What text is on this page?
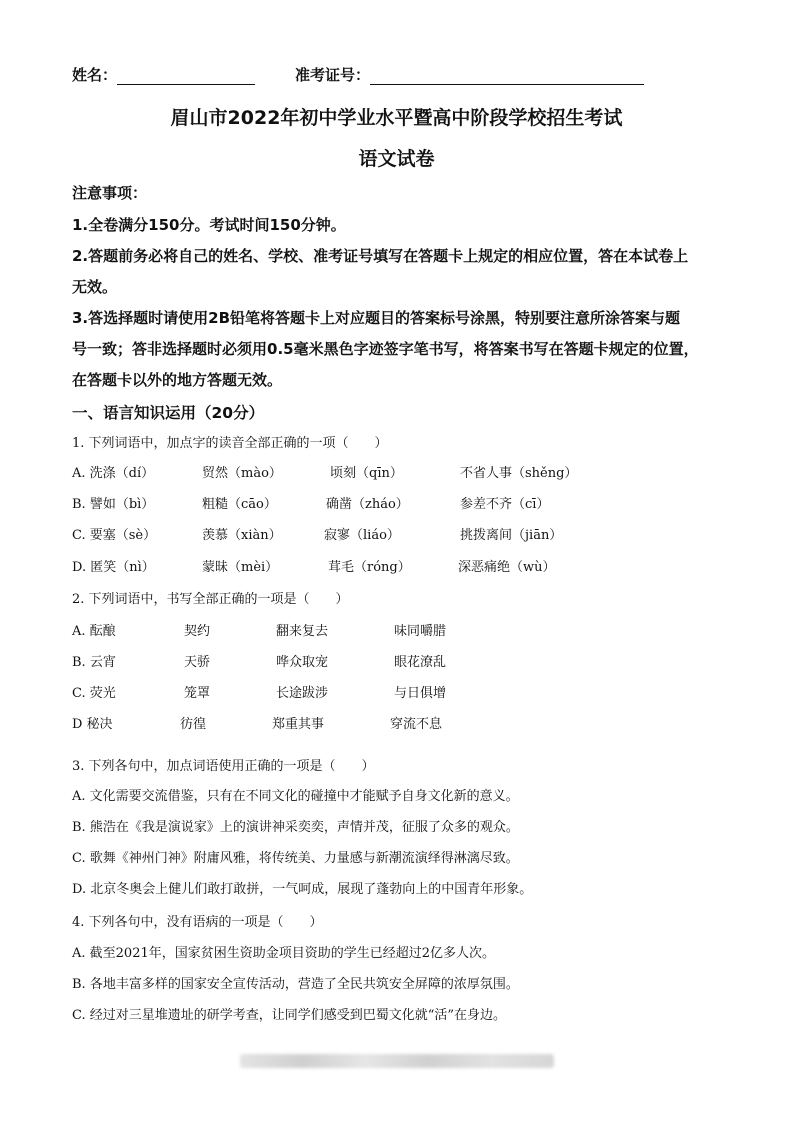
姓名：	准考证号：
眉山市2022年初中学业水平暨高中阶段学校招生考试
语文试卷
注意事项：
1.全卷满分150分。考试时间150分钟。
2.答题前务必将自己的姓名、学校、准考证号填写在答题卡上规定的相应位置，答在本试卷上
无效。
3.答选择题时请使用2B铅笔将答题卡上对应题目的答案标号涂黑，特别要注意所涂答案与题
号一致；答非选择题时必须用0.5毫米黑色字迹签字笔书写，将答案书写在答题卡规定的位置，
在答题卡以外的地方答题无效。
一、语言知识运用（20分）
1. 下列词语中，加点字的读音全部正确的一项（　　）
A. 洗涤（dí）	贸然（mào）	顷刻（qīn）	不省人事（shěng）
B. 譬如（bì）	粗糙（cāo）	确凿（zháo）	参差不齐（cī）
C. 要塞（sè）	羡慕（xiàn）	寂寥（liáo）	挑拨离间（jiān）
D. 匿笑（nì）	蒙昧（mèi）	茸毛（róng）	深恶痛绝（wù）
2. 下列词语中，书写全部正确的一项是（　　）
A. 酝酿	契约	翻来复去	味同嚼腊
B. 云宵	天骄	哗众取宠	眼花潦乱
C. 荧光	笼罩	长途跋涉	与日俱增
D 秘决	彷徨	郑重其事	穿流不息
3. 下列各句中，加点词语使用正确的一项是（　　）
A. 文化需要交流借鉴，只有在不同文化的碰撞中才能赋予自身文化新的意义。
B. 熊浩在《我是演说家》上的演讲神采奕奕，声情并茂，征服了众多的观众。
C. 歌舞《神州门神》附庸风雅，将传统美、力量感与新潮流演绎得淋漓尽致。
D. 北京冬奥会上健儿们敢打敢拼，一气呵成，展现了蓬勃向上的中国青年形象。
4. 下列各句中，没有语病的一项是（　　）
A. 截至2021年，国家贫困生资助金项目资助的学生已经超过2亿多人次。
B. 各地丰富多样的国家安全宣传活动，营造了全民共筑安全屏障的浓厚氛围。
C. 经过对三星堆遗址的研学考查，让同学们感受到巴蜀文化就“活”在身边。
